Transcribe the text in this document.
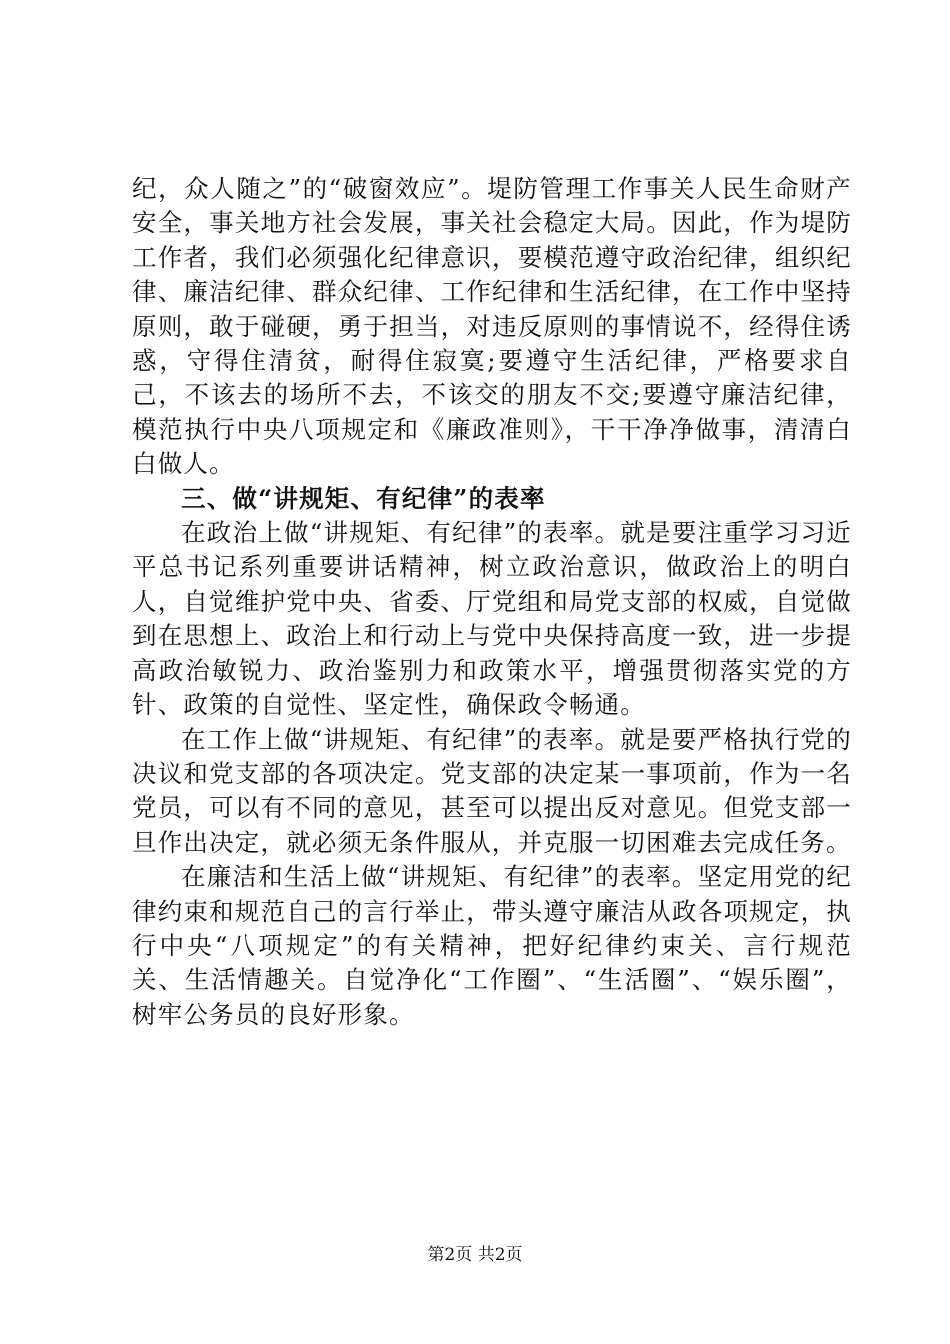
纪，众人随之”的“破窗效应”。堤防管理工作事关人民生命财产安全，事关地方社会发展，事关社会稳定大局。因此，作为堤防工作者，我们必须强化纪律意识，要模范遵守政治纪律，组织纪律、廉洁纪律、群众纪律、工作纪律和生活纪律，在工作中坚持原则，敢于碰硬，勇于担当，对违反原则的事情说不，经得住诱惑，守得住清贫，耐得住寂寞;要遵守生活纪律，严格要求自己，不该去的场所不去，不该交的朋友不交;要遵守廉洁纪律，模范执行中央八项规定和《廉政准则》，干干净净做事，清清白白做人。

三、做“讲规矩、有纪律”的表率

在政治上做“讲规矩、有纪律”的表率。就是要注重学习习近平总书记系列重要讲话精神，树立政治意识，做政治上的明白人，自觉维护党中央、省委、厅党组和局党支部的权威，自觉做到在思想上、政治上和行动上与党中央保持高度一致，进一步提高政治敏锐力、政治鉴别力和政策水平，增强贯彻落实党的方针、政策的自觉性、坚定性，确保政令畅通。

在工作上做“讲规矩、有纪律”的表率。就是要严格执行党的决议和党支部的各项决定。党支部的决定某一事项前，作为一名党员，可以有不同的意见，甚至可以提出反对意见。但党支部一旦作出决定，就必须无条件服从，并克服一切困难去完成任务。

在廉洁和生活上做“讲规矩、有纪律”的表率。坚定用党的纪律约束和规范自己的言行举止，带头遵守廉洁从政各项规定，执行中央“八项规定”的有关精神，把好纪律约束关、言行规范关、生活情趣关。自觉净化“工作圈”、“生活圈”、“娱乐圈”，树牢公务员的良好形象。

第2页 共2页
